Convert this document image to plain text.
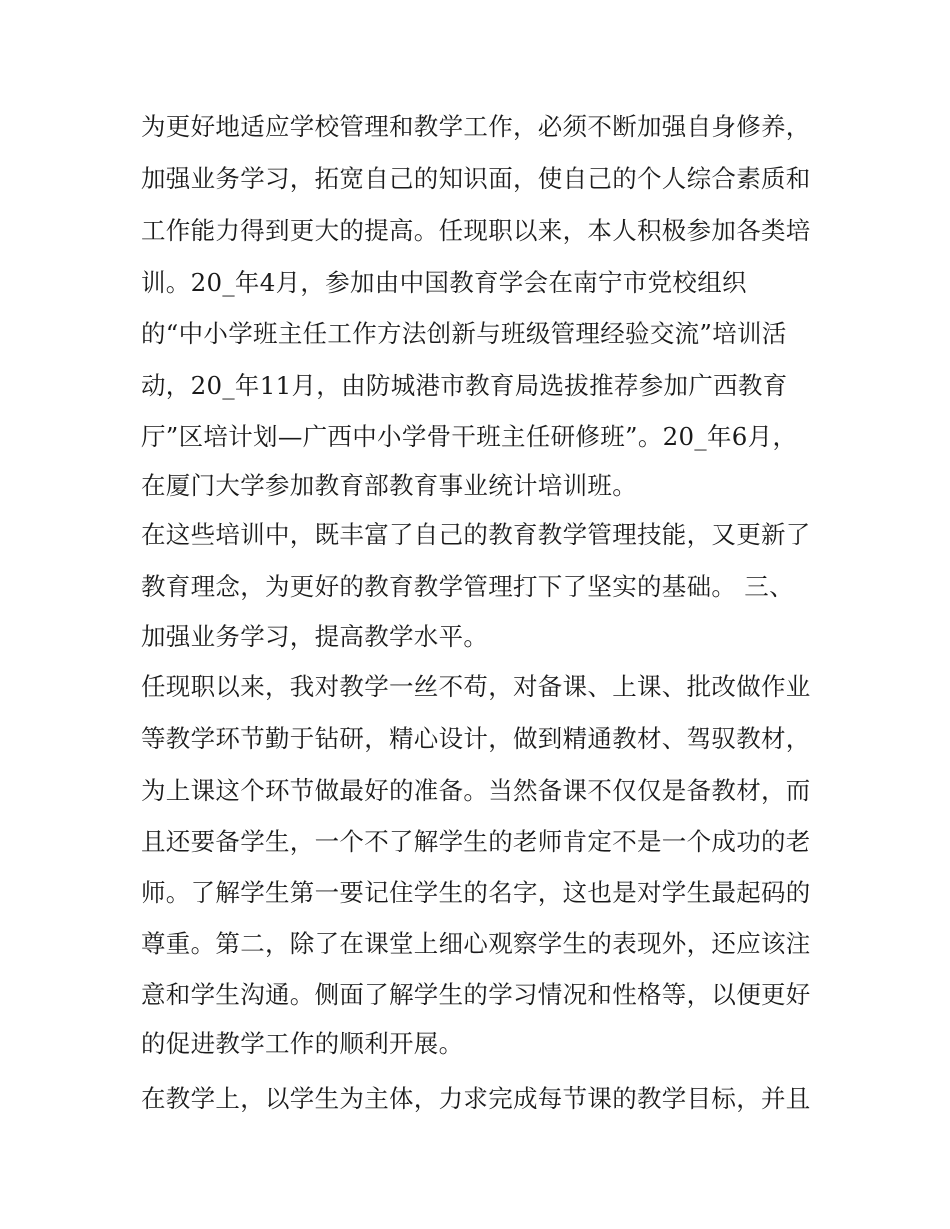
为更好地适应学校管理和教学工作，必须不断加强自身修养，
加强业务学习，拓宽自己的知识面，使自己的个人综合素质和
工作能力得到更大的提高。任现职以来，本人积极参加各类培
训。20_年4月，参加由中国教育学会在南宁市党校组织
的“中小学班主任工作方法创新与班级管理经验交流”培训活
动，20_年11月，由防城港市教育局选拔推荐参加广西教育
厅”区培计划—广西中小学骨干班主任研修班”。20_年6月，
在厦门大学参加教育部教育事业统计培训班。
在这些培训中，既丰富了自己的教育教学管理技能，又更新了
教育理念，为更好的教育教学管理打下了坚实的基础。 三、
加强业务学习，提高教学水平。
任现职以来，我对教学一丝不苟，对备课、上课、批改做作业
等教学环节勤于钻研，精心设计，做到精通教材、驾驭教材，
为上课这个环节做最好的准备。当然备课不仅仅是备教材，而
且还要备学生，一个不了解学生的老师肯定不是一个成功的老
师。了解学生第一要记住学生的名字，这也是对学生最起码的
尊重。第二，除了在课堂上细心观察学生的表现外，还应该注
意和学生沟通。侧面了解学生的学习情况和性格等，以便更好
的促进教学工作的顺利开展。
在教学上，以学生为主体，力求完成每节课的教学目标，并且
